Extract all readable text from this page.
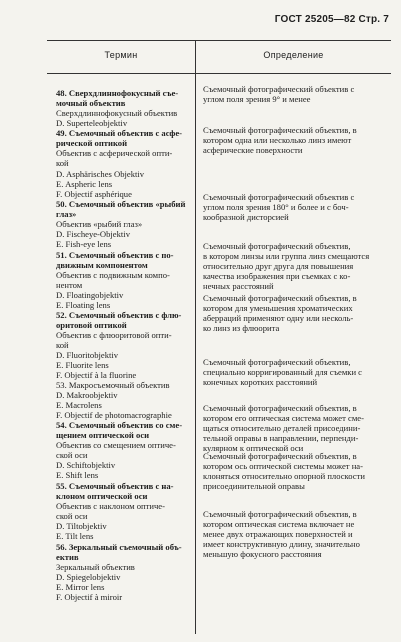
ГОСТ 25205—82 Стр. 7
Термин	Определение
48. Сверхдлиннофокусный съе-
мочный объектив
Сверхдлиннофокусный объектив
D. Superteleobjektiv
Съемочный фотографический объектив с
углом поля зрения 9° и менее
49. Съемочный объектив с асфе-
рической оптикой
Объектив с асферической опти-
кой
D. Asphärisches Objektiv
E. Aspheric lens
F. Objectif asphérique
Съемочный фотографический объектив, в
котором одна или несколько линз имеют
асферические поверхности
50. Съемочный объектив «рыбий
глаз»
Объектив «рыбий глаз»
D. Fischeye-Objektiv
E. Fish-eye lens
Съемочный фотографический объектив с
углом поля зрения 180° и более и с боч-
кообразной дисторсией
51. Съемочный объектив с по-
движным компонентом
Объектив с подвижным компо-
нентом
D. Floatingobjektiv
E. Floating lens
Съемочный фотографический объектив,
в котором линзы или группа линз смещаются
относительно друг друга для повышения
качества изображения при съемках с ко-
нечных расстояний
52. Съемочный объектив с флю-
оритовой оптикой
Объектив с флюоритовой опти-
кой
D. Fluoritobjektiv
E. Fluorite lens
F. Objectif à la fluorine
Съемочный фотографический объектив, в
котором для уменьшения хроматических
аберраций применяют одну или несколь-
ко линз из флюорита
53. Макросъемочный объектив
D. Makroobjektiv
E. Macrolens
F. Objectif de photomacrographie
Съемочный фотографический объектив,
специально корригированный для съемки с
конечных коротких расстояний
54. Съемочный объектив со сме-
щением оптической оси
Объектив со смещением оптиче-
ской оси
D. Schiftobjektiv
E. Shift lens
Съемочный фотографический объектив, в
котором его оптическая система может сме-
щаться относительно деталей присоедини-
тельной оправы в направлении, перпенди-
кулярном к оптической оси
55. Съемочный объектив с на-
клоном оптической оси
Объектив с наклоном оптиче-
ской оси
D. Tiltobjektiv
E. Tilt lens
Съемочный фотографический объектив, в
котором ось оптической системы может на-
клоняться относительно опорной плоскости
присоединительной оправы
56. Зеркальный съемочный объ-
ектив
Зеркальный объектив
D. Spiegelobjektiv
E. Mirror lens
F. Objectif à miroir
Съемочный фотографический объектив, в
котором оптическая система включает не
менее двух отражающих поверхностей и
имеет конструктивную длину, значительно
меньшую фокусного расстояния
